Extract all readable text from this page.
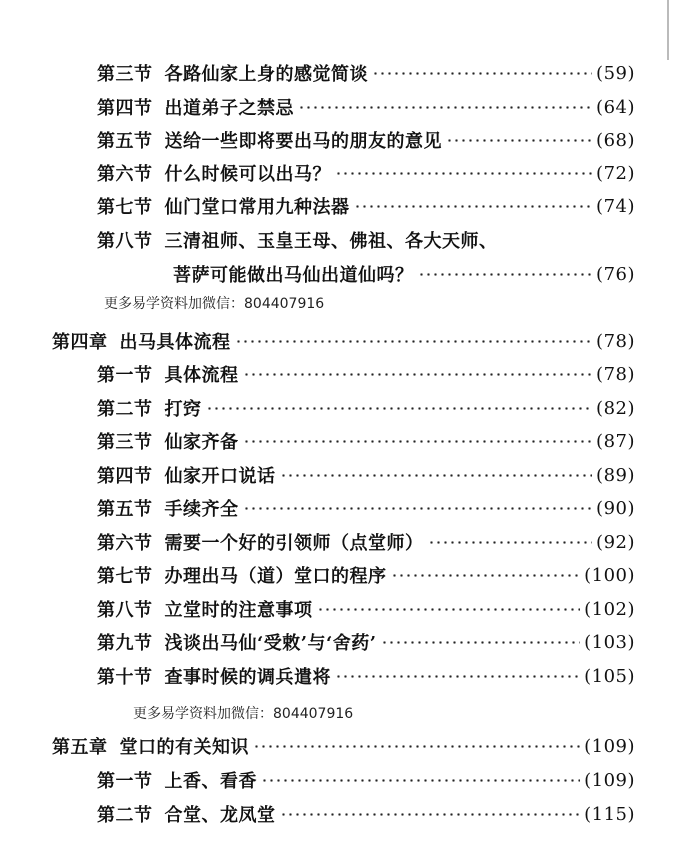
第三节 各路仙家上身的感觉简谈	(59)
第四节 出道弟子之禁忌	(64)
第五节 送给一些即将要出马的朋友的意见	(68)
第六节 什么时候可以出马？	(72)
第七节 仙门堂口常用九种法器	(74)
第八节 三清祖师、玉皇王母、佛祖、各大天师、
菩萨可能做出马仙出道仙吗？	(76)
更多易学资料加微信：804407916
第四章 出马具体流程	(78)
第一节 具体流程	(78)
第二节 打窍	(82)
第三节 仙家齐备	(87)
第四节 仙家开口说话	(89)
第五节 手续齐全	(90)
第六节 需要一个好的引领师（点堂师）	(92)
第七节 办理出马（道）堂口的程序	(100)
第八节 立堂时的注意事项	(102)
第九节 浅谈出马仙‘受敕’与‘舍药’	(103)
第十节 查事时候的调兵遣将	(105)
更多易学资料加微信：804407916
第五章 堂口的有关知识	(109)
第一节 上香、看香	(109)
第二节 合堂、龙凤堂	(115)
